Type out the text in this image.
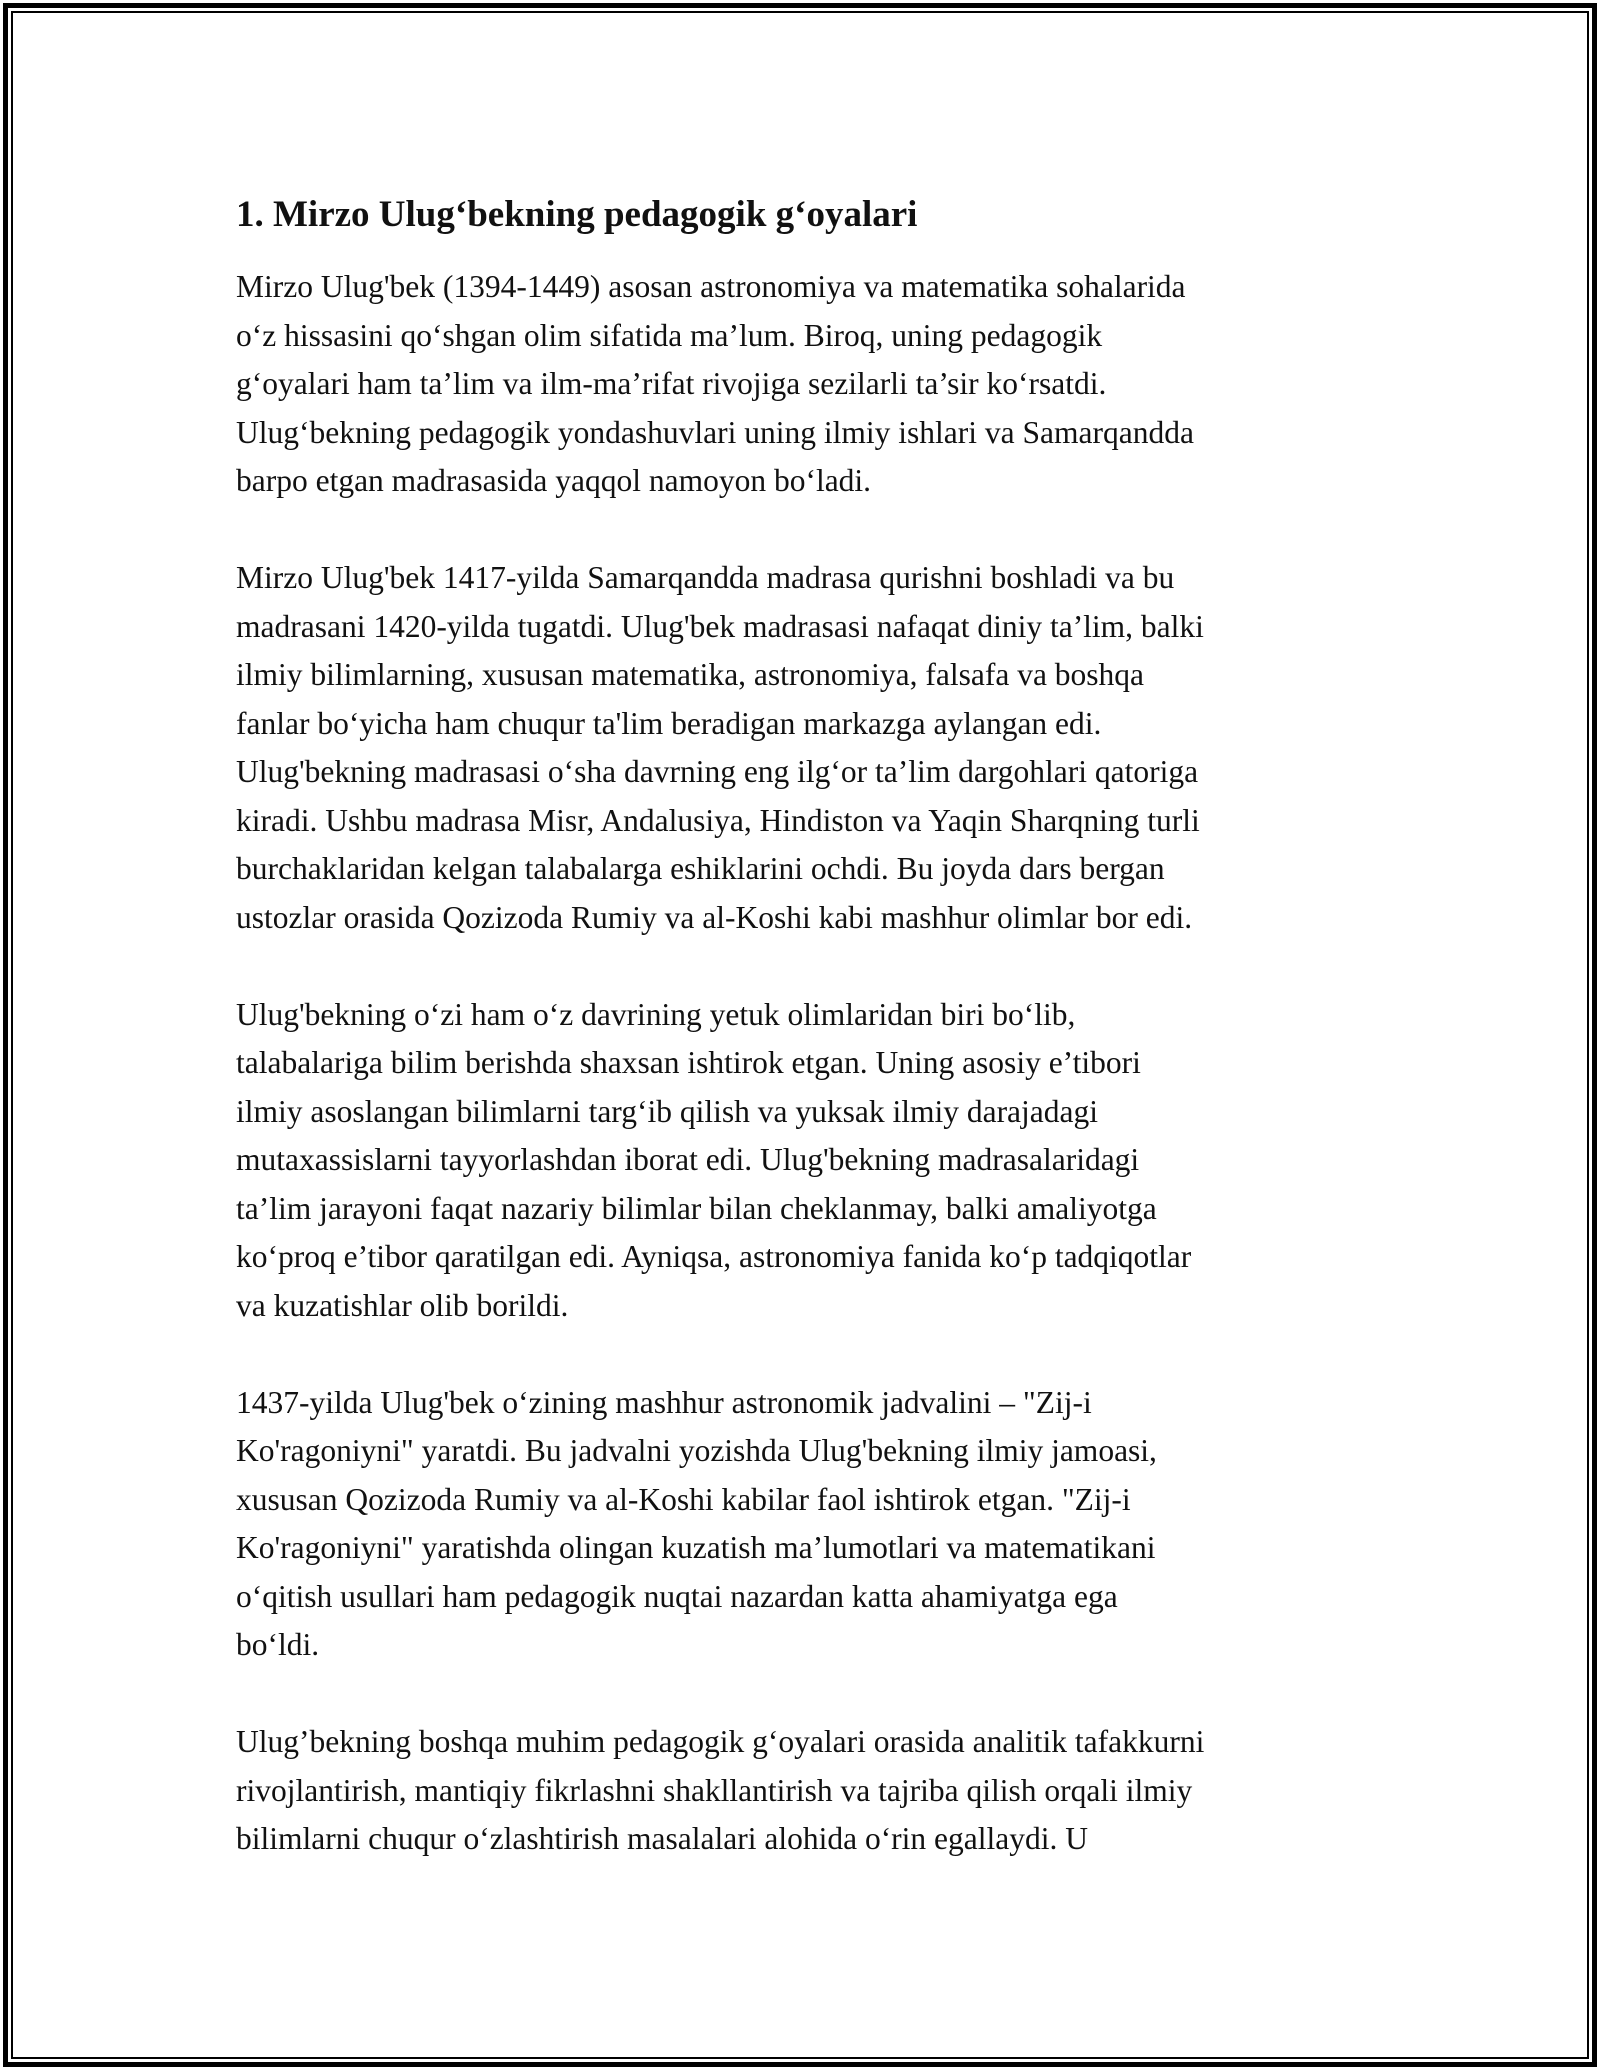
1. Mirzo Ulug‘bekning pedagogik g‘oyalari
Mirzo Ulug'bek (1394-1449) asosan astronomiya va matematika sohalarida
o‘z hissasini qo‘shgan olim sifatida ma’lum. Biroq, uning pedagogik
g‘oyalari ham ta’lim va ilm-ma’rifat rivojiga sezilarli ta’sir ko‘rsatdi.
Ulug‘bekning pedagogik yondashuvlari uning ilmiy ishlari va Samarqandda
barpo etgan madrasasida yaqqol namoyon bo‘ladi.
Mirzo Ulug'bek 1417-yilda Samarqandda madrasa qurishni boshladi va bu
madrasani 1420-yilda tugatdi. Ulug'bek madrasasi nafaqat diniy ta’lim, balki
ilmiy bilimlarning, xususan matematika, astronomiya, falsafa va boshqa
fanlar bo‘yicha ham chuqur ta'lim beradigan markazga aylangan edi.
Ulug'bekning madrasasi o‘sha davrning eng ilg‘or ta’lim dargohlari qatoriga
kiradi. Ushbu madrasa Misr, Andalusiya, Hindiston va Yaqin Sharqning turli
burchaklaridan kelgan talabalarga eshiklarini ochdi. Bu joyda dars bergan
ustozlar orasida Qozizoda Rumiy va al-Koshi kabi mashhur olimlar bor edi.
Ulug'bekning o‘zi ham o‘z davrining yetuk olimlaridan biri bo‘lib,
talabalariga bilim berishda shaxsan ishtirok etgan. Uning asosiy e’tibori
ilmiy asoslangan bilimlarni targ‘ib qilish va yuksak ilmiy darajadagi
mutaxassislarni tayyorlashdan iborat edi. Ulug'bekning madrasalaridagi
ta’lim jarayoni faqat nazariy bilimlar bilan cheklanmay, balki amaliyotga
ko‘proq e’tibor qaratilgan edi. Ayniqsa, astronomiya fanida ko‘p tadqiqotlar
va kuzatishlar olib borildi.
1437-yilda Ulug'bek o‘zining mashhur astronomik jadvalini – "Zij-i
Ko'ragoniyni" yaratdi. Bu jadvalni yozishda Ulug'bekning ilmiy jamoasi,
xususan Qozizoda Rumiy va al-Koshi kabilar faol ishtirok etgan. "Zij-i
Ko'ragoniyni" yaratishda olingan kuzatish ma’lumotlari va matematikani
o‘qitish usullari ham pedagogik nuqtai nazardan katta ahamiyatga ega
bo‘ldi.
Ulug’bekning boshqa muhim pedagogik g‘oyalari orasida analitik tafakkurni
rivojlantirish, mantiqiy fikrlashni shakllantirish va tajriba qilish orqali ilmiy
bilimlarni chuqur o‘zlashtirish masalalari alohida o‘rin egallaydi. U
